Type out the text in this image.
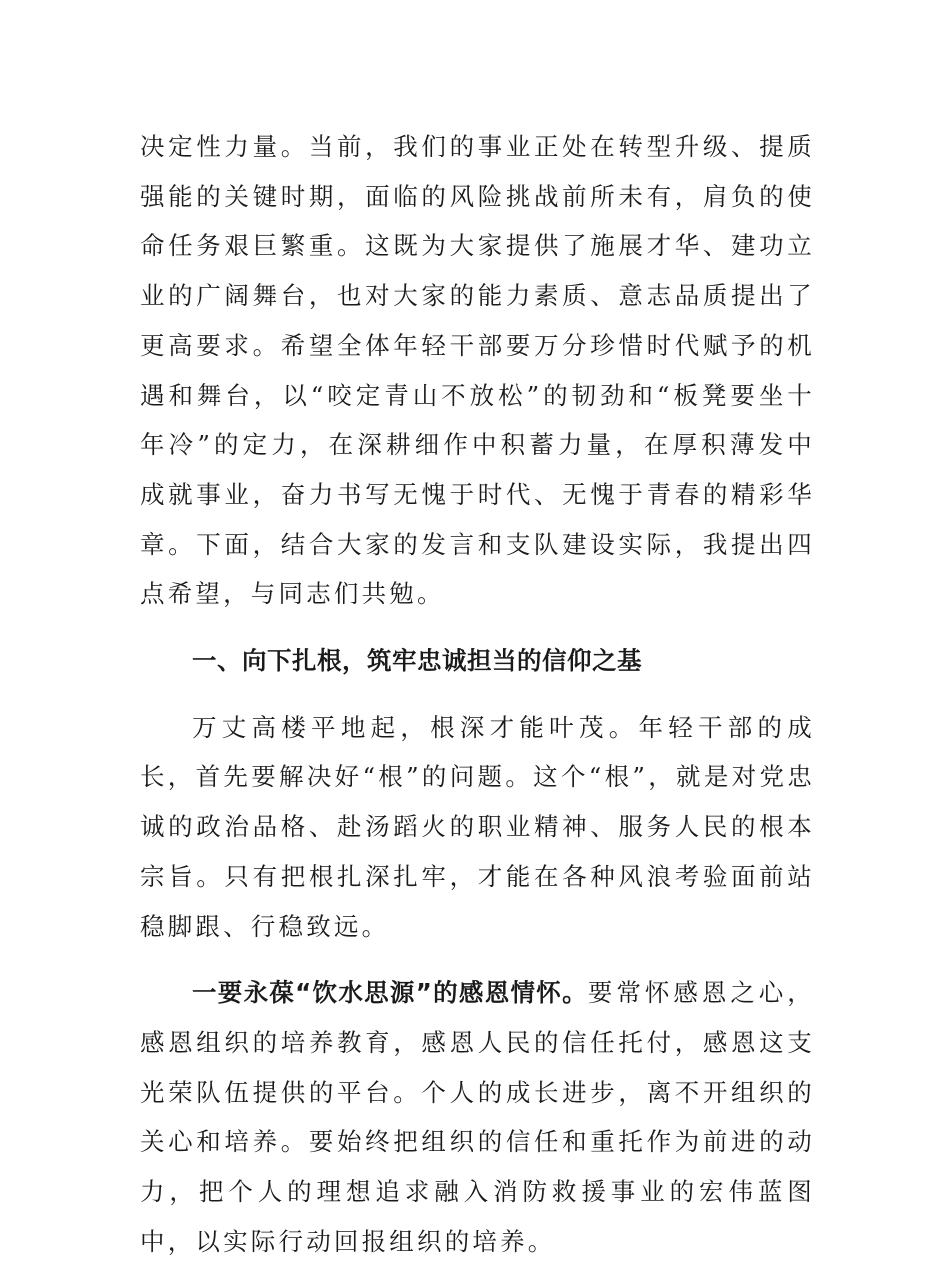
决定性力量。当前，我们的事业正处在转型升级、提质强能的关键时期，面临的风险挑战前所未有，肩负的使命任务艰巨繁重。这既为大家提供了施展才华、建功立业的广阔舞台，也对大家的能力素质、意志品质提出了更高要求。希望全体年轻干部要万分珍惜时代赋予的机遇和舞台，以“咬定青山不放松”的韧劲和“板凳要坐十年冷”的定力，在深耕细作中积蓄力量，在厚积薄发中成就事业，奋力书写无愧于时代、无愧于青春的精彩华章。下面，结合大家的发言和支队建设实际，我提出四点希望，与同志们共勉。

一、向下扎根，筑牢忠诚担当的信仰之基

万丈高楼平地起，根深才能叶茂。年轻干部的成长，首先要解决好“根”的问题。这个“根”，就是对党忠诚的政治品格、赴汤蹈火的职业精神、服务人民的根本宗旨。只有把根扎深扎牢，才能在各种风浪考验面前站稳脚跟、行稳致远。

一要永葆“饮水思源”的感恩情怀。要常怀感恩之心，感恩组织的培养教育，感恩人民的信任托付，感恩这支光荣队伍提供的平台。个人的成长进步，离不开组织的关心和培养。要始终把组织的信任和重托作为前进的动力，把个人的理想追求融入消防救援事业的宏伟蓝图中，以实际行动回报组织的培养。
